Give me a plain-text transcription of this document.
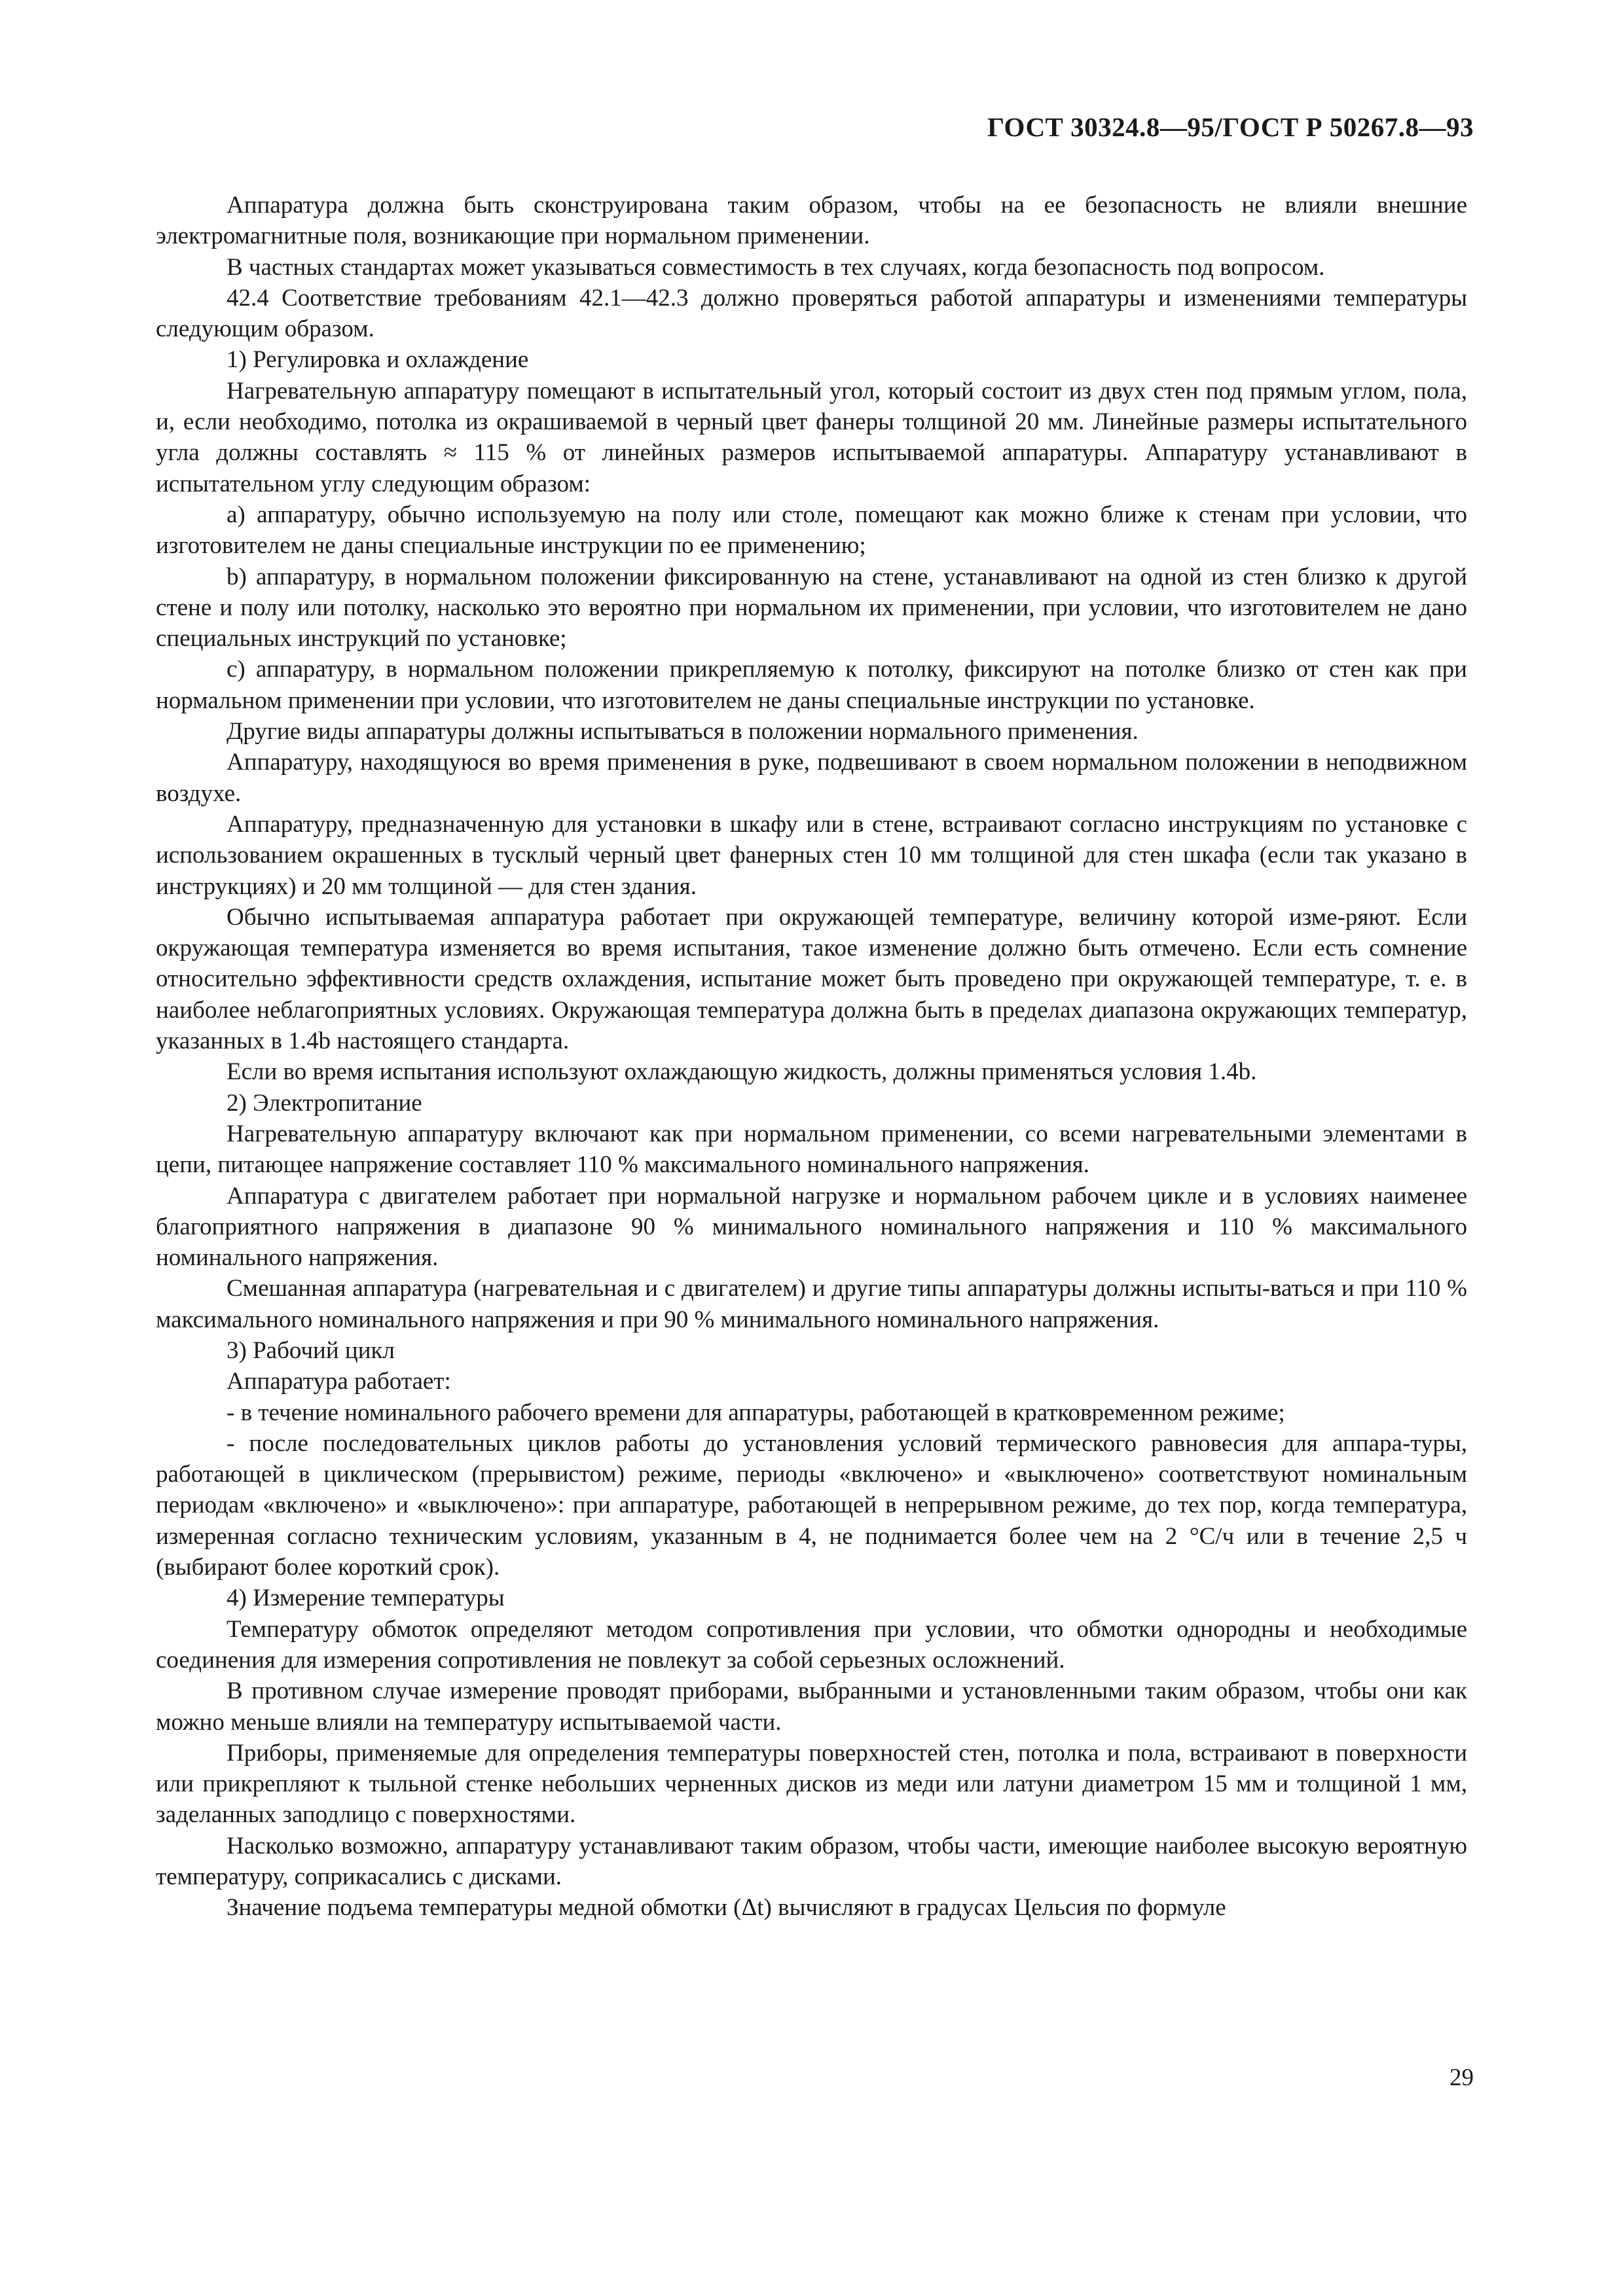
ГОСТ 30324.8—95/ГОСТ Р 50267.8—93

Аппаратура должна быть сконструирована таким образом, чтобы на ее безопасность не влияли внешние электромагнитные поля, возникающие при нормальном применении.

В частных стандартах может указываться совместимость в тех случаях, когда безопасность под вопросом.

42.4 Соответствие требованиям 42.1—42.3 должно проверяться работой аппаратуры и изменениями температуры следующим образом.

1) Регулировка и охлаждение

Нагревательную аппаратуру помещают в испытательный угол, который состоит из двух стен под прямым углом, пола, и, если необходимо, потолка из окрашиваемой в черный цвет фанеры толщиной 20 мм. Линейные размеры испытательного угла должны составлять ≈ 115 % от линейных размеров испытываемой аппаратуры. Аппаратуру устанавливают в испытательном углу следующим образом:

a) аппаратуру, обычно используемую на полу или столе, помещают как можно ближе к стенам при условии, что изготовителем не даны специальные инструкции по ее применению;

b) аппаратуру, в нормальном положении фиксированную на стене, устанавливают на одной из стен близко к другой стене и полу или потолку, насколько это вероятно при нормальном их применении, при условии, что изготовителем не дано специальных инструкций по установке;

c) аппаратуру, в нормальном положении прикрепляемую к потолку, фиксируют на потолке близко от стен как при нормальном применении при условии, что изготовителем не даны специальные инструкции по установке.

Другие виды аппаратуры должны испытываться в положении нормального применения.

Аппаратуру, находящуюся во время применения в руке, подвешивают в своем нормальном положении в неподвижном воздухе.

Аппаратуру, предназначенную для установки в шкафу или в стене, встраивают согласно инструкциям по установке с использованием окрашенных в тусклый черный цвет фанерных стен 10 мм толщиной для стен шкафа (если так указано в инструкциях) и 20 мм толщиной — для стен здания.

Обычно испытываемая аппаратура работает при окружающей температуре, величину которой изме-ряют. Если окружающая температура изменяется во время испытания, такое изменение должно быть отмечено. Если есть сомнение относительно эффективности средств охлаждения, испытание может быть проведено при окружающей температуре, т. е. в наиболее неблагоприятных условиях. Окружающая температура должна быть в пределах диапазона окружающих температур, указанных в 1.4b настоящего стандарта.

Если во время испытания используют охлаждающую жидкость, должны применяться условия 1.4b.

2) Электропитание

Нагревательную аппаратуру включают как при нормальном применении, со всеми нагревательными элементами в цепи, питающее напряжение составляет 110 % максимального номинального напряжения.

Аппаратура с двигателем работает при нормальной нагрузке и нормальном рабочем цикле и в условиях наименее благоприятного напряжения в диапазоне 90 % минимального номинального напряжения и 110 % максимального номинального напряжения.

Смешанная аппаратура (нагревательная и с двигателем) и другие типы аппаратуры должны испыты-ваться и при 110 % максимального номинального напряжения и при 90 % минимального номинального напряжения.

3) Рабочий цикл

Аппаратура работает:

- в течение номинального рабочего времени для аппаратуры, работающей в кратковременном режиме;

- после последовательных циклов работы до установления условий термического равновесия для аппара-туры, работающей в циклическом (прерывистом) режиме, периоды «включено» и «выключено» соответствуют номинальным периодам «включено» и «выключено»: при аппаратуре, работающей в непрерывном режиме, до тех пор, когда температура, измеренная согласно техническим условиям, указанным в 4, не поднимается более чем на 2 °С/ч или в течение 2,5 ч (выбирают более короткий срок).

4) Измерение температуры

Температуру обмоток определяют методом сопротивления при условии, что обмотки однородны и необходимые соединения для измерения сопротивления не повлекут за собой серьезных осложнений.

В противном случае измерение проводят приборами, выбранными и установленными таким образом, чтобы они как можно меньше влияли на температуру испытываемой части.

Приборы, применяемые для определения температуры поверхностей стен, потолка и пола, встраивают в поверхности или прикрепляют к тыльной стенке небольших черненных дисков из меди или латуни диаметром 15 мм и толщиной 1 мм, заделанных заподлицо с поверхностями.

Насколько возможно, аппаратуру устанавливают таким образом, чтобы части, имеющие наиболее высокую вероятную температуру, соприкасались с дисками.

Значение подъема температуры медной обмотки (Δt) вычисляют в градусах Цельсия по формуле

29
